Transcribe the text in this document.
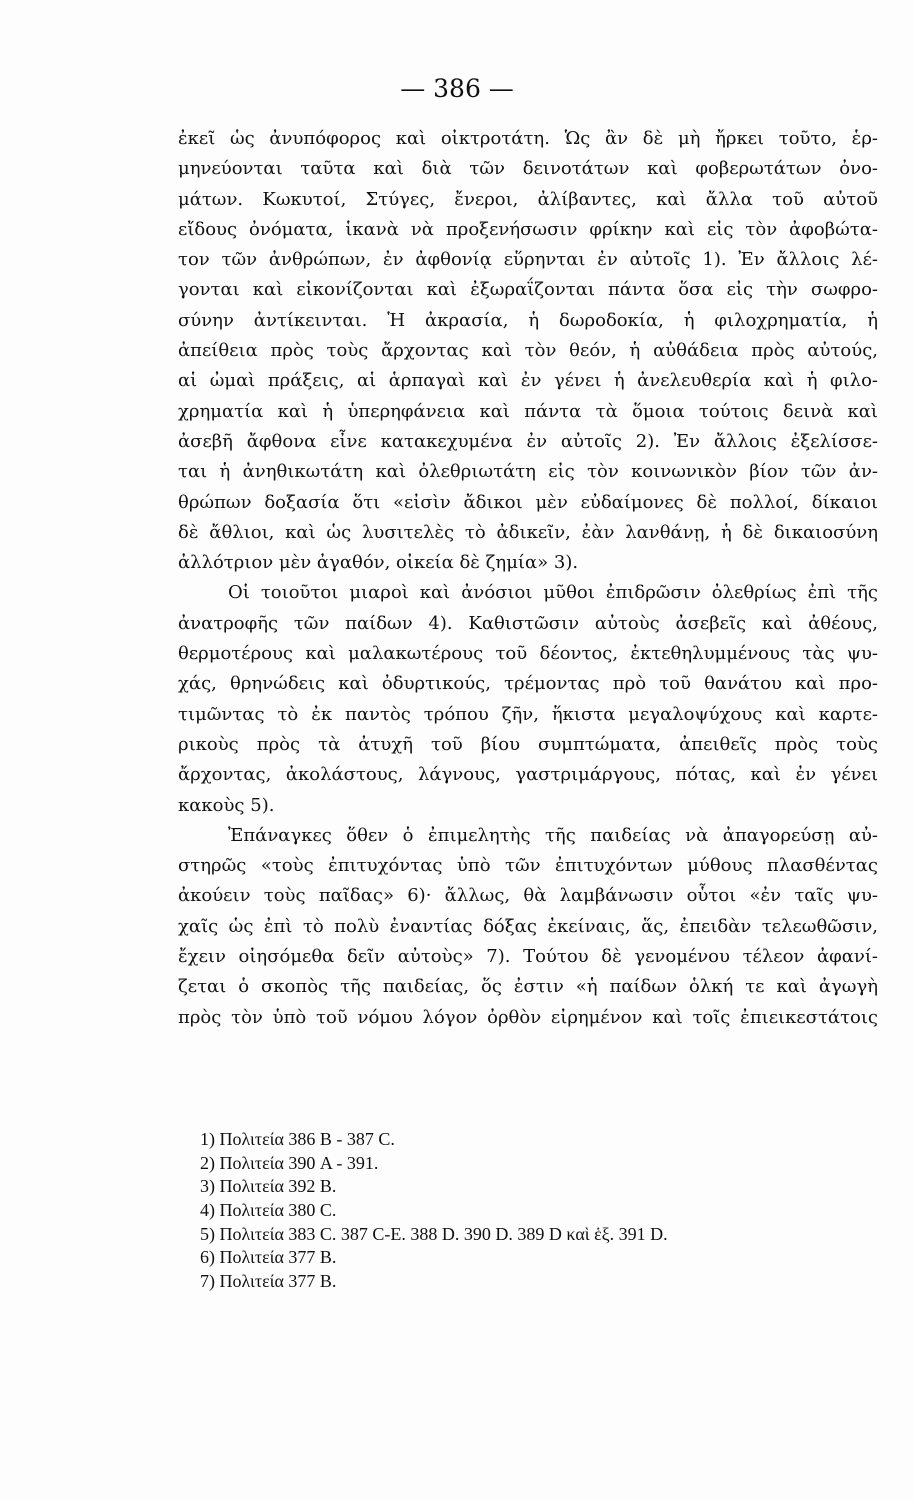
— 386 —
ἐκεῖ ὡς ἀνυπόφορος καὶ οἰκτροτάτη. Ὡς ἂν δὲ μὴ ἤρκει τοῦτο, ἑρ-
μηνεύονται ταῦτα καὶ διὰ τῶν δεινοτάτων καὶ φοβερωτάτων ὀνο-
μάτων. Κωκυτοί, Στύγες, ἔνεροι, ἀλίβαντες, καὶ ἄλλα τοῦ αὐτοῦ
εἴδους ὀνόματα, ἱκανὰ νὰ προξενήσωσιν φρίκην καὶ εἰς τὸν ἀφοβώτα-
τον τῶν ἀνθρώπων, ἐν ἀφθονίᾳ εὕρηνται ἐν αὐτοῖς 1). Ἐν ἄλλοις λέ-
γονται καὶ εἰκονίζονται καὶ ἐξωραΐζονται πάντα ὅσα εἰς τὴν σωφρο-
σύνην ἀντίκεινται. Ἡ ἀκρασία, ἡ δωροδοκία, ἡ φιλοχρηματία, ἡ
ἀπείθεια πρὸς τοὺς ἄρχοντας καὶ τὸν θεόν, ἡ αὐθάδεια πρὸς αὐτούς,
αἱ ὠμαὶ πράξεις, αἱ ἁρπαγαὶ καὶ ἐν γένει ἡ ἀνελευθερία καὶ ἡ φιλο-
χρηματία καὶ ἡ ὑπερηφάνεια καὶ πάντα τὰ ὅμοια τούτοις δεινὰ καὶ
ἀσεβῆ ἄφθονα εἶνε κατακεχυμένα ἐν αὐτοῖς 2). Ἐν ἄλλοις ἐξελίσσε-
ται ἡ ἀνηθικωτάτη καὶ ὀλεθριωτάτη εἰς τὸν κοινωνικὸν βίον τῶν ἀν-
θρώπων δοξασία ὅτι «εἰσὶν ἄδικοι μὲν εὐδαίμονες δὲ πολλοί, δίκαιοι
δὲ ἄθλιοι, καὶ ὡς λυσιτελὲς τὸ ἀδικεῖν, ἐὰν λανθάνῃ, ἡ δὲ δικαιοσύνη
ἀλλότριον μὲν ἀγαθόν, οἰκεία δὲ ζημία» 3).
Οἱ τοιοῦτοι μιαροὶ καὶ ἀνόσιοι μῦθοι ἐπιδρῶσιν ὀλεθρίως ἐπὶ τῆς
ἀνατροφῆς τῶν παίδων 4). Καθιστῶσιν αὐτοὺς ἀσεβεῖς καὶ ἀθέους,
θερμοτέρους καὶ μαλακωτέρους τοῦ δέοντος, ἐκτεθηλυμμένους τὰς ψυ-
χάς, θρηνώδεις καὶ ὀδυρτικούς, τρέμοντας πρὸ τοῦ θανάτου καὶ προ-
τιμῶντας τὸ ἐκ παντὸς τρόπου ζῆν, ἥκιστα μεγαλοψύχους καὶ καρτε-
ρικοὺς πρὸς τὰ ἀτυχῆ τοῦ βίου συμπτώματα, ἀπειθεῖς πρὸς τοὺς
ἄρχοντας, ἀκολάστους, λάγνους, γαστριμάργους, πότας, καὶ ἐν γένει
κακοὺς 5).
Ἐπάναγκες ὅθεν ὁ ἐπιμελητὴς τῆς παιδείας νὰ ἀπαγορεύσῃ αὐ-
στηρῶς «τοὺς ἐπιτυχόντας ὑπὸ τῶν ἐπιτυχόντων μύθους πλασθέντας
ἀκούειν τοὺς παῖδας» 6)· ἄλλως, θὰ λαμβάνωσιν οὗτοι «ἐν ταῖς ψυ-
χαῖς ὡς ἐπὶ τὸ πολὺ ἐναντίας δόξας ἐκείναις, ἅς, ἐπειδὰν τελεωθῶσιν,
ἔχειν οἰησόμεθα δεῖν αὐτοὺς» 7). Τούτου δὲ γενομένου τέλεον ἀφανί-
ζεται ὁ σκοπὸς τῆς παιδείας, ὅς ἐστιν «ἡ παίδων ὁλκή τε καὶ ἀγωγὴ
πρὸς τὸν ὑπὸ τοῦ νόμου λόγον ὀρθὸν εἰρημένον καὶ τοῖς ἐπιεικεστάτοις
1) Πολιτεία 386 B - 387 C.
2) Πολιτεία 390 A - 391.
3) Πολιτεία 392 B.
4) Πολιτεία 380 C.
5) Πολιτεία 383 C. 387 C-E. 388 D. 390 D. 389 D καὶ ἑξ. 391 D.
6) Πολιτεία 377 B.
7) Πολιτεία 377 B.
